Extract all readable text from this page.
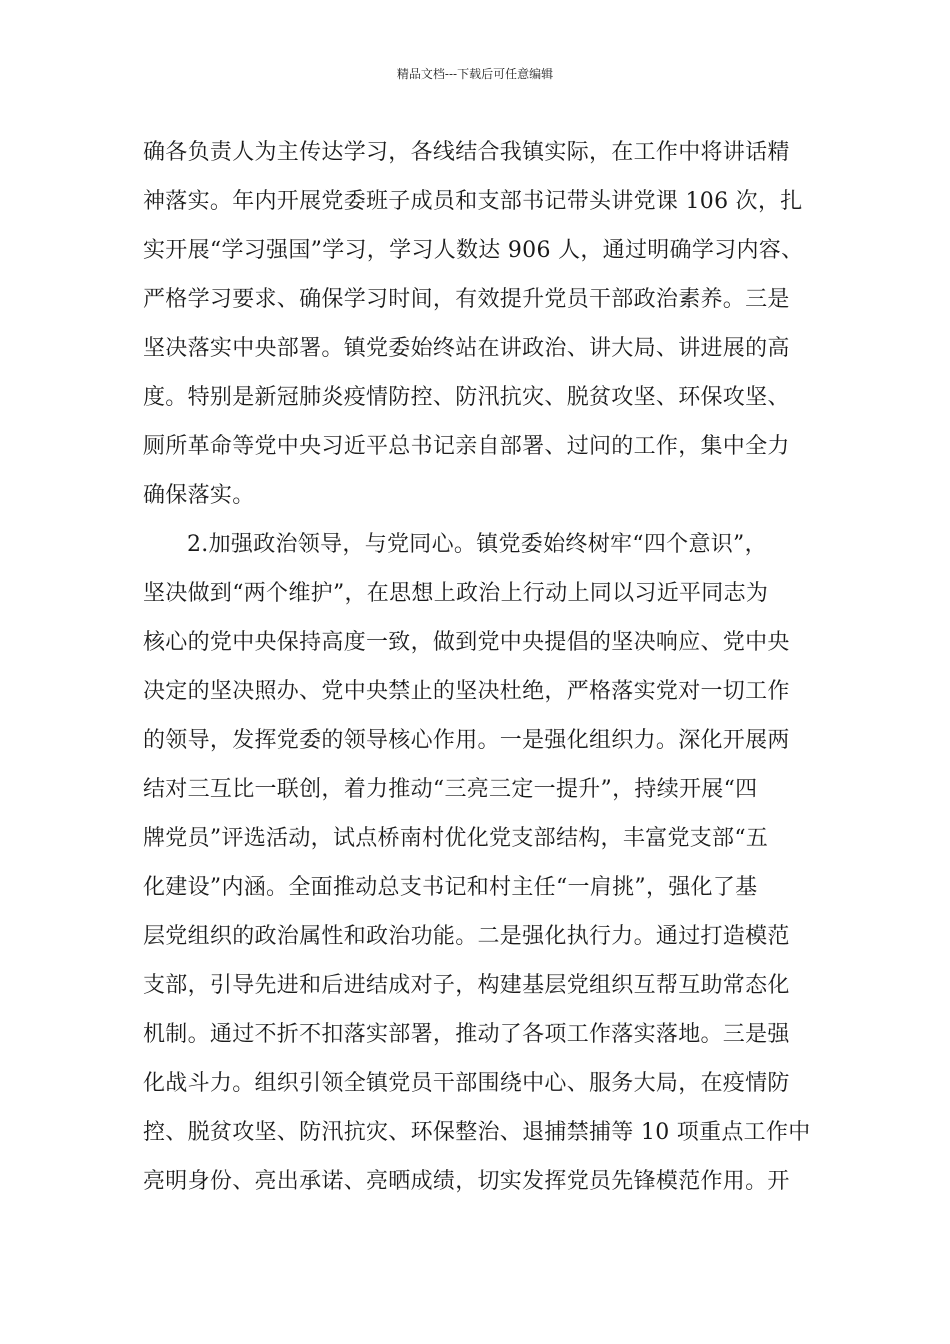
精品文档---下载后可任意编辑
确各负责人为主传达学习，各线结合我镇实际，在工作中将讲话精
神落实。年内开展党委班子成员和支部书记带头讲党课 106 次，扎
实开展“学习强国”学习，学习人数达 906 人，通过明确学习内容、
严格学习要求、确保学习时间，有效提升党员干部政治素养。三是
坚决落实中央部署。镇党委始终站在讲政治、讲大局、讲进展的高
度。特别是新冠肺炎疫情防控、防汛抗灾、脱贫攻坚、环保攻坚、
厕所革命等党中央习近平总书记亲自部署、过问的工作，集中全力
确保落实。
2.加强政治领导，与党同心。镇党委始终树牢“四个意识”，
坚决做到“两个维护”，在思想上政治上行动上同以习近平同志为
核心的党中央保持高度一致，做到党中央提倡的坚决响应、党中央
决定的坚决照办、党中央禁止的坚决杜绝，严格落实党对一切工作
的领导，发挥党委的领导核心作用。一是强化组织力。深化开展两
结对三互比一联创，着力推动“三亮三定一提升”，持续开展“四
牌党员”评选活动，试点桥南村优化党支部结构，丰富党支部“五
化建设”内涵。全面推动总支书记和村主任“一肩挑”，强化了基
层党组织的政治属性和政治功能。二是强化执行力。通过打造模范
支部，引导先进和后进结成对子，构建基层党组织互帮互助常态化
机制。通过不折不扣落实部署，推动了各项工作落实落地。三是强
化战斗力。组织引领全镇党员干部围绕中心、服务大局，在疫情防
控、脱贫攻坚、防汛抗灾、环保整治、退捕禁捕等 10 项重点工作中
亮明身份、亮出承诺、亮晒成绩，切实发挥党员先锋模范作用。开
